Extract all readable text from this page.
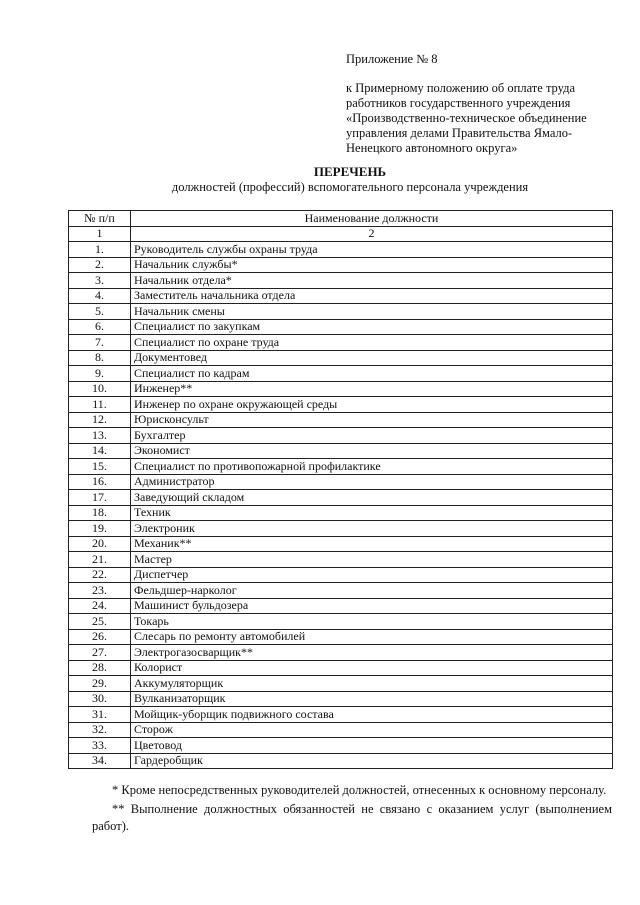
Приложение № 8
к Примерному положению об оплате труда
работников государственного учреждения
«Производственно-техническое объединение
управления делами Правительства Ямало-
Ненецкого автономного округа»
ПЕРЕЧЕНЬ
должностей (профессий) вспомогательного персонала учреждения
№ п/п	Наименование должности
1	2
1.	Руководитель службы охраны труда
2.	Начальник службы*
3.	Начальник отдела*
4.	Заместитель начальника отдела
5.	Начальник смены
6.	Специалист по закупкам
7.	Специалист по охране труда
8.	Документовед
9.	Специалист по кадрам
10.	Инженер**
11.	Инженер по охране окружающей среды
12.	Юрисконсульт
13.	Бухгалтер
14.	Экономист
15.	Специалист по противопожарной профилактике
16.	Администратор
17.	Заведующий складом
18.	Техник
19.	Электроник
20.	Механик**
21.	Мастер
22.	Диспетчер
23.	Фельдшер-нарколог
24.	Машинист бульдозера
25.	Токарь
26.	Слесарь по ремонту автомобилей
27.	Электрогазосварщик**
28.	Колорист
29.	Аккумуляторщик
30.	Вулканизаторщик
31.	Мойщик-уборщик подвижного состава
32.	Сторож
33.	Цветовод
34.	Гардеробщик

* Кроме непосредственных руководителей должностей, отнесенных к основному персоналу.

** Выполнение должностных обязанностей не связано с оказанием услуг (выполнением работ).
